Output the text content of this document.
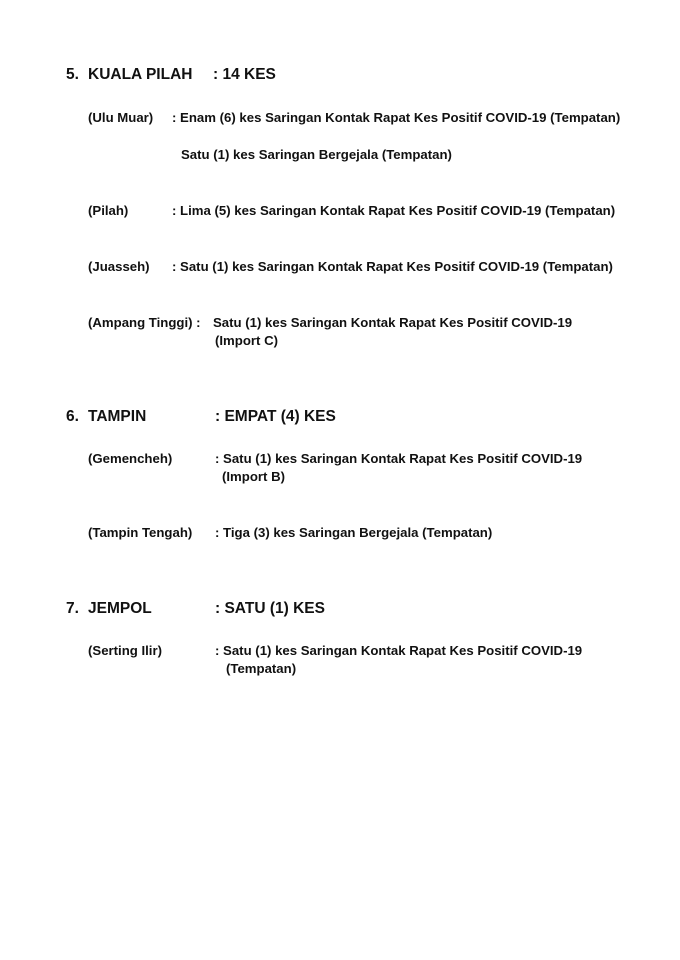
5. KUALA PILAH : 14 KES
(Ulu Muar) : Enam (6) kes Saringan Kontak Rapat Kes Positif COVID-19 (Tempatan)
Satu (1) kes Saringan Bergejala (Tempatan)
(Pilah)	: Lima (5) kes Saringan Kontak Rapat Kes Positif COVID-19 (Tempatan)
(Juasseh) : Satu (1) kes Saringan Kontak Rapat Kes Positif COVID-19 (Tempatan)
(Ampang Tinggi) : Satu (1) kes Saringan Kontak Rapat Kes Positif COVID-19
(Import C)
6. TAMPIN	: EMPAT (4) KES
(Gemencheh)	: Satu (1) kes Saringan Kontak Rapat Kes Positif COVID-19
(Import B)
(Tampin Tengah) : Tiga (3) kes Saringan Bergejala (Tempatan)
7. JEMPOL	: SATU (1) KES
(Serting Ilir)	: Satu (1) kes Saringan Kontak Rapat Kes Positif COVID-19
(Tempatan)
